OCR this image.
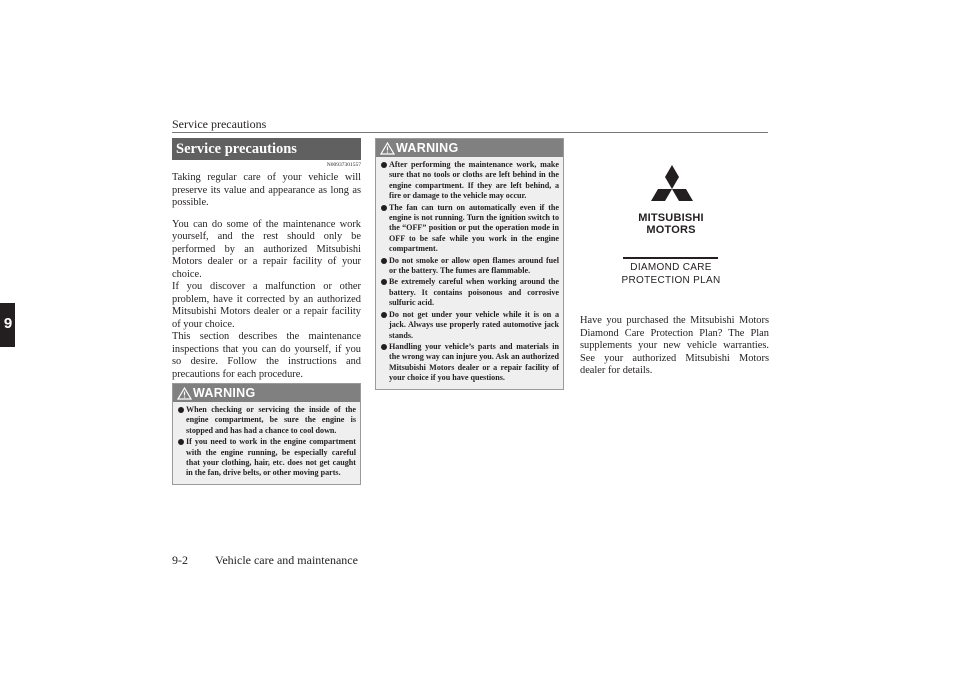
Service precautions
9
Service precautions
N00937301557

Taking regular care of your vehicle will preserve its value and appearance as long as possible.

You can do some of the maintenance work yourself, and the rest should only be performed by an authorized Mitsubishi Motors dealer or a repair facility of your choice.

If you discover a malfunction or other problem, have it corrected by an authorized Mitsubishi Motors dealer or a repair facility of your choice.

This section describes the maintenance inspections that you can do yourself, if you so desire. Follow the instructions and precautions for each procedure.

WARNING
When checking or servicing the inside of the engine compartment, be sure the engine is stopped and has had a chance to cool down.
If you need to work in the engine compartment with the engine running, be especially careful that your clothing, hair, etc. does not get caught in the fan, drive belts, or other moving parts.
WARNING
After performing the maintenance work, make sure that no tools or cloths are left behind in the engine compartment. If they are left behind, a fire or damage to the vehicle may occur.
The fan can turn on automatically even if the engine is not running. Turn the ignition switch to the “OFF” position or put the operation mode in OFF to be safe while you work in the engine compartment.
Do not smoke or allow open flames around fuel or the battery. The fumes are flammable.
Be extremely careful when working around the battery. It contains poisonous and corrosive sulfuric acid.
Do not get under your vehicle while it is on a jack. Always use properly rated automotive jack stands.
Handling your vehicle’s parts and materials in the wrong way can injure you. Ask an authorized Mitsubishi Motors dealer or a repair facility of your choice if you have questions.
MITSUBISHI
MOTORS
DIAMOND CARE
PROTECTION PLAN

Have you purchased the Mitsubishi Motors Diamond Care Protection Plan? The Plan supplements your new vehicle warranties. See your authorized Mitsubishi Motors dealer for details.

9-2 Vehicle care and maintenance
